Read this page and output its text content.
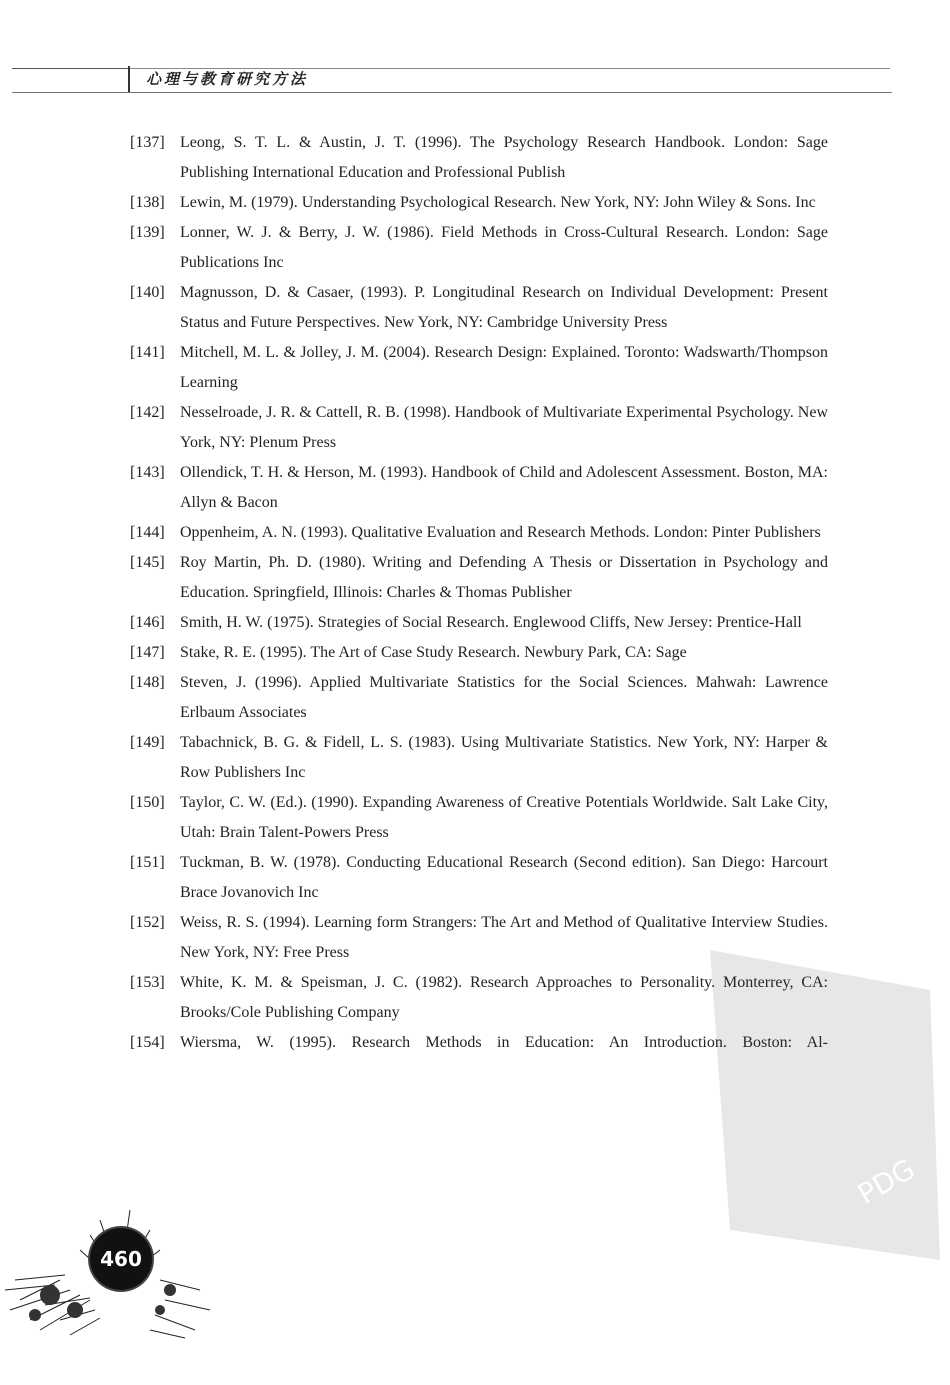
心理与教育研究方法
[137] Leong, S. T. L. & Austin, J. T. (1996). The Psychology Research Handbook. London: Sage Publishing International Education and Professional Publish
[138] Lewin, M. (1979). Understanding Psychological Research. New York, NY: John Wiley & Sons. Inc
[139] Lonner, W. J. & Berry, J. W. (1986). Field Methods in Cross-Cultural Research. London: Sage Publications Inc
[140] Magnusson, D. & Casaer, (1993). P. Longitudinal Research on Individual Development: Present Status and Future Perspectives. New York, NY: Cambridge University Press
[141] Mitchell, M. L. & Jolley, J. M. (2004). Research Design: Explained. Toronto: Wadswarth/Thompson Learning
[142] Nesselroade, J. R. & Cattell, R. B. (1998). Handbook of Multivariate Experimental Psychology. New York, NY: Plenum Press
[143] Ollendick, T. H. & Herson, M. (1993). Handbook of Child and Adolescent Assessment. Boston, MA: Allyn & Bacon
[144] Oppenheim, A. N. (1993). Qualitative Evaluation and Research Methods. London: Pinter Publishers
[145] Roy Martin, Ph. D. (1980). Writing and Defending A Thesis or Dissertation in Psychology and Education. Springfield, Illinois: Charles & Thomas Publisher
[146] Smith, H. W. (1975). Strategies of Social Research. Englewood Cliffs, New Jersey: Prentice-Hall
[147] Stake, R. E. (1995). The Art of Case Study Research. Newbury Park, CA: Sage
[148] Steven, J. (1996). Applied Multivariate Statistics for the Social Sciences. Mahwah: Lawrence Erlbaum Associates
[149] Tabachnick, B. G. & Fidell, L. S. (1983). Using Multivariate Statistics. New York, NY: Harper & Row Publishers Inc
[150] Taylor, C. W. (Ed.). (1990). Expanding Awareness of Creative Potentials Worldwide. Salt Lake City, Utah: Brain Talent-Powers Press
[151] Tuckman, B. W. (1978). Conducting Educational Research (Second edition). San Diego: Harcourt Brace Jovanovich Inc
[152] Weiss, R. S. (1994). Learning form Strangers: The Art and Method of Qualitative Interview Studies. New York, NY: Free Press
[153] White, K. M. & Speisman, J. C. (1982). Research Approaches to Personality. Monterrey, CA: Brooks/Cole Publishing Company
[154] Wiersma, W. (1995). Research Methods in Education: An Introduction. Boston: Al-
460
PDG
